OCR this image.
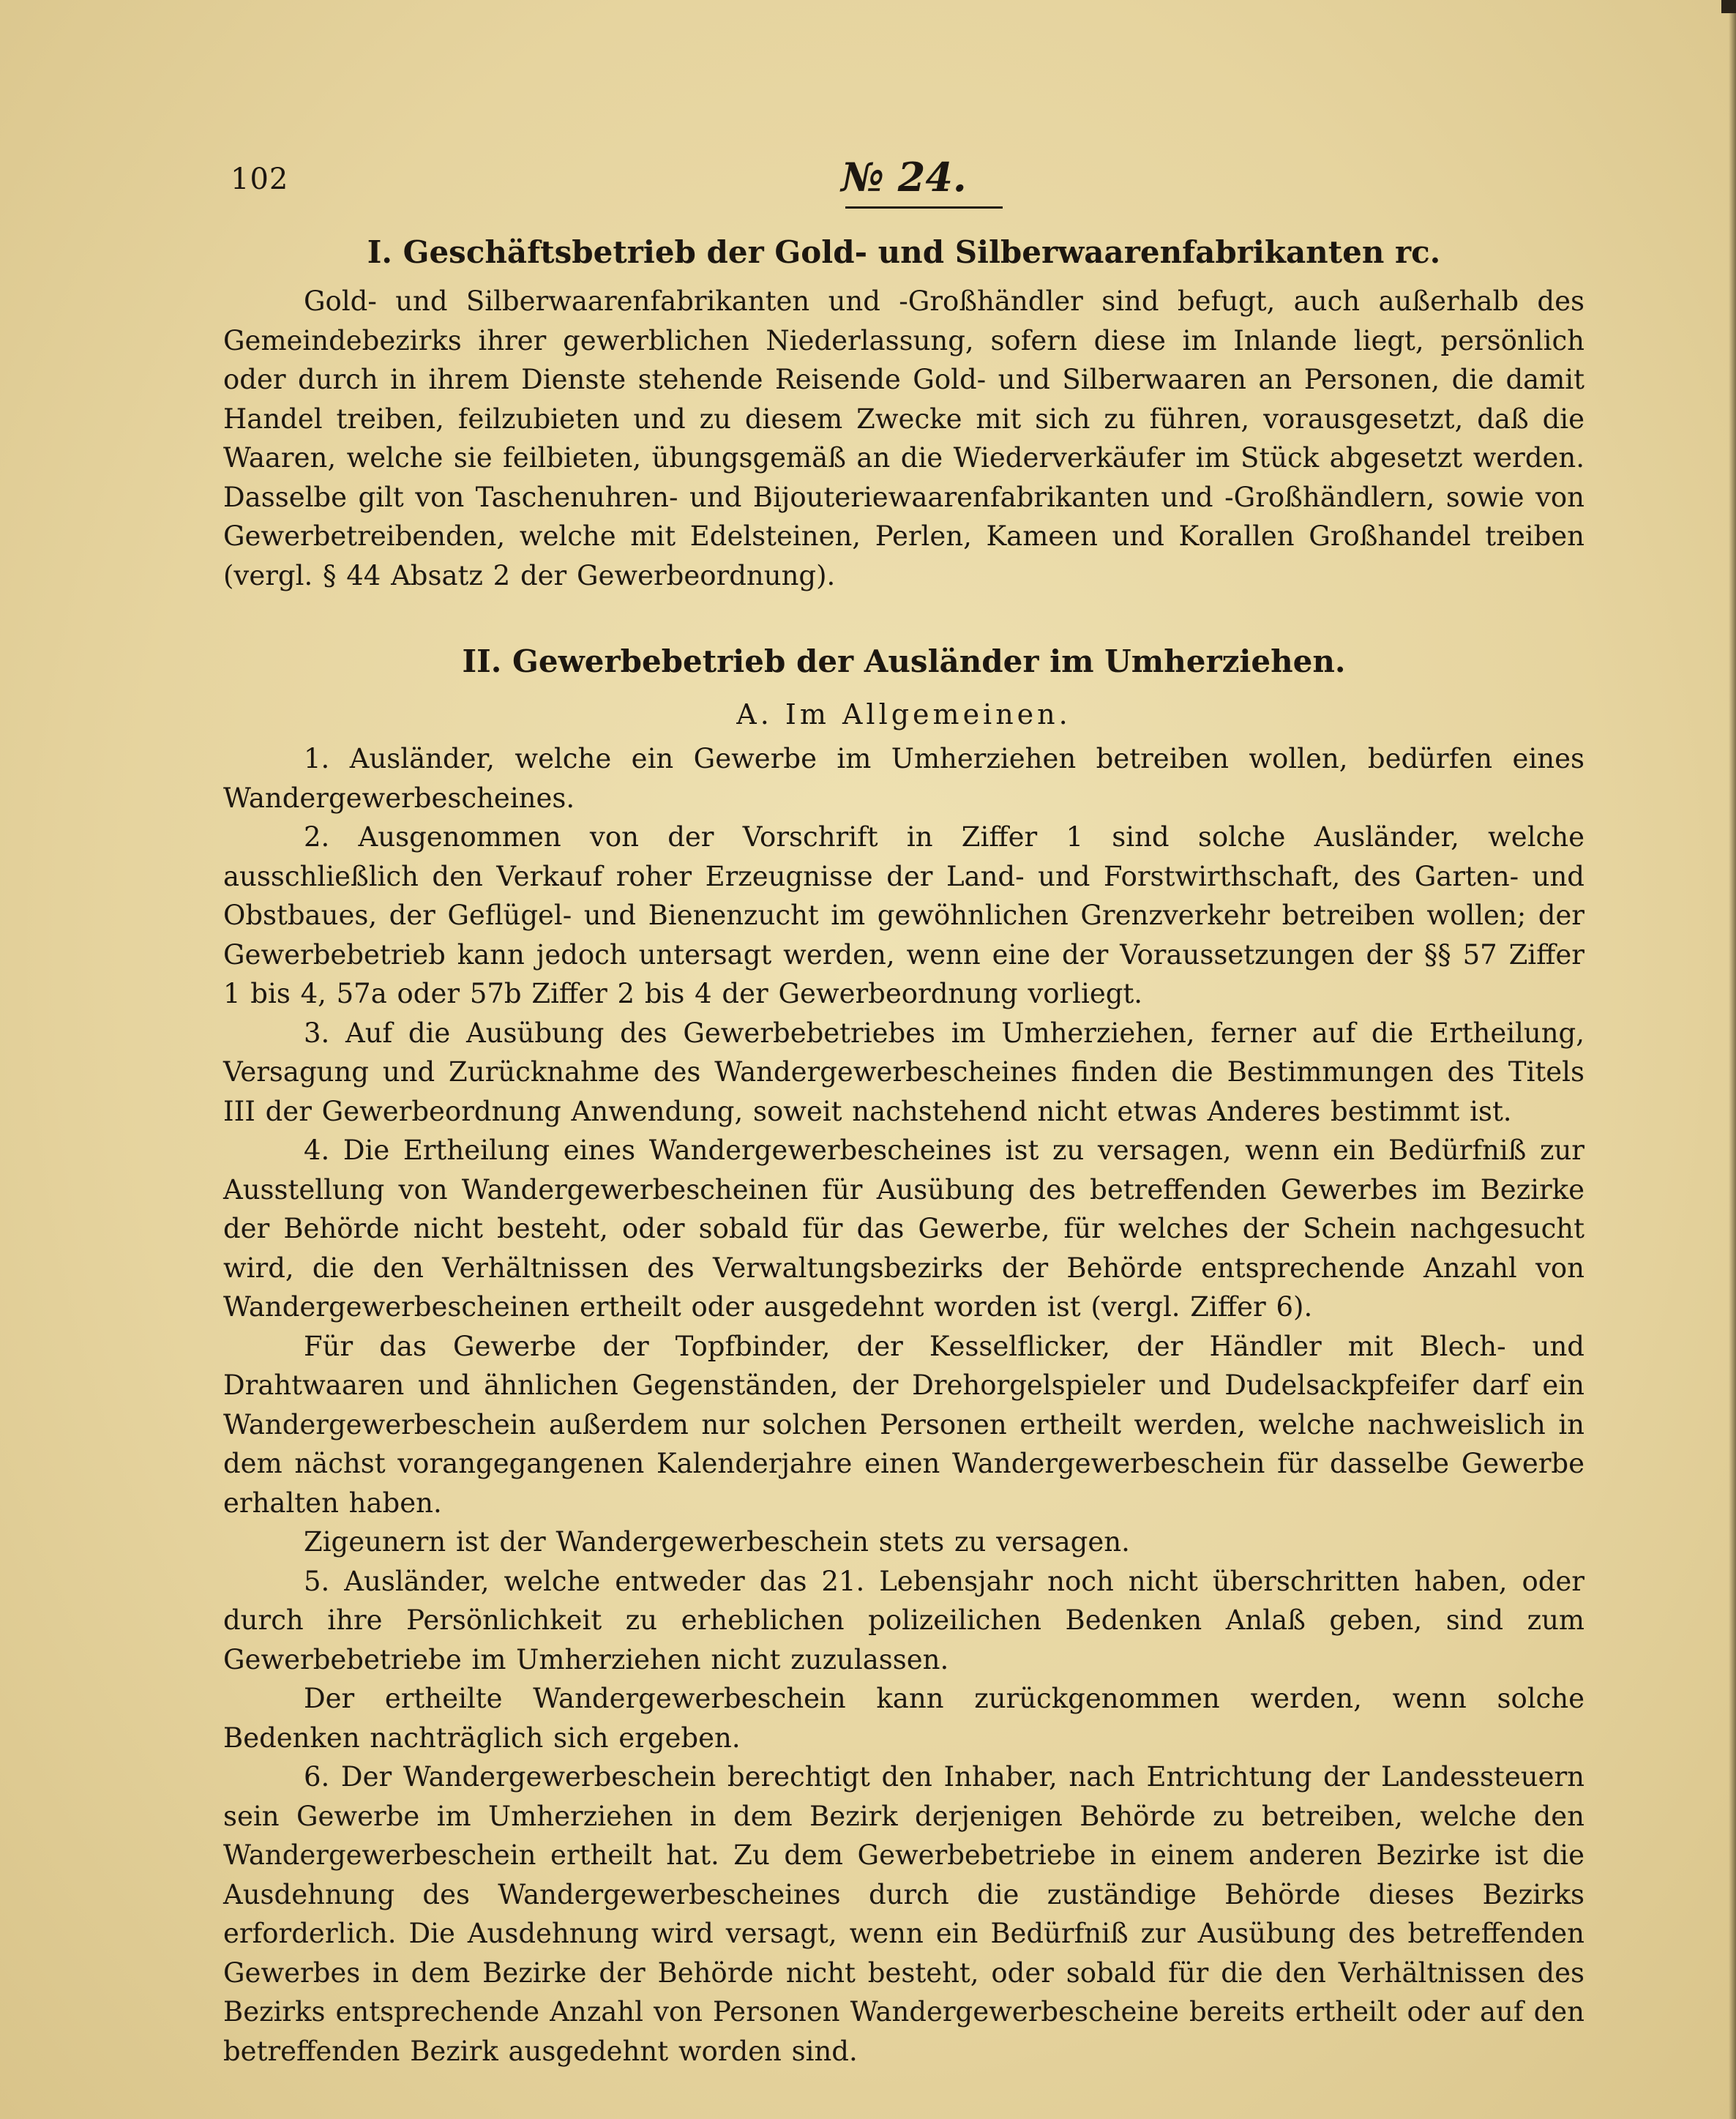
102	№ 24.
I. Geschäftsbetrieb der Gold- und Silberwaarenfabrikanten rc.

Gold- und Silberwaarenfabrikanten und -Großhändler sind befugt, auch außerhalb des Gemeindebezirks ihrer gewerblichen Niederlassung, sofern diese im Inlande liegt, persönlich oder durch in ihrem Dienste stehende Reisende Gold- und Silberwaaren an Personen, die damit Handel treiben, feilzubieten und zu diesem Zwecke mit sich zu führen, vorausgesetzt, daß die Waaren, welche sie feilbieten, übungsgemäß an die Wiederverkäufer im Stück abgesetzt werden. Dasselbe gilt von Taschenuhren- und Bijouteriewaarenfabrikanten und -Großhändlern, sowie von Gewerbetreibenden, welche mit Edelsteinen, Perlen, Kameen und Korallen Großhandel treiben (vergl. § 44 Absatz 2 der Gewerbeordnung).

II. Gewerbebetrieb der Ausländer im Umherziehen.
A. Im Allgemeinen.

1. Ausländer, welche ein Gewerbe im Umherziehen betreiben wollen, bedürfen eines Wandergewerbescheines.

2. Ausgenommen von der Vorschrift in Ziffer 1 sind solche Ausländer, welche ausschließlich den Verkauf roher Erzeugnisse der Land- und Forstwirthschaft, des Garten- und Obstbaues, der Geflügel- und Bienenzucht im gewöhnlichen Grenzverkehr betreiben wollen; der Gewerbebetrieb kann jedoch untersagt werden, wenn eine der Voraussetzungen der §§ 57 Ziffer 1 bis 4, 57a oder 57b Ziffer 2 bis 4 der Gewerbeordnung vorliegt.

3. Auf die Ausübung des Gewerbebetriebes im Umherziehen, ferner auf die Ertheilung, Versagung und Zurücknahme des Wandergewerbescheines finden die Bestimmungen des Titels III der Gewerbeordnung Anwendung, soweit nachstehend nicht etwas Anderes bestimmt ist.

4. Die Ertheilung eines Wandergewerbescheines ist zu versagen, wenn ein Bedürfniß zur Ausstellung von Wandergewerbescheinen für Ausübung des betreffenden Gewerbes im Bezirke der Behörde nicht besteht, oder sobald für das Gewerbe, für welches der Schein nachgesucht wird, die den Verhältnissen des Verwaltungsbezirks der Behörde entsprechende Anzahl von Wandergewerbescheinen ertheilt oder ausgedehnt worden ist (vergl. Ziffer 6).

Für das Gewerbe der Topfbinder, der Kesselflicker, der Händler mit Blech- und Drahtwaaren und ähnlichen Gegenständen, der Drehorgelspieler und Dudelsackpfeifer darf ein Wandergewerbeschein außerdem nur solchen Personen ertheilt werden, welche nachweislich in dem nächst vorangegangenen Kalenderjahre einen Wandergewerbeschein für dasselbe Gewerbe erhalten haben.

Zigeunern ist der Wandergewerbeschein stets zu versagen.

5. Ausländer, welche entweder das 21. Lebensjahr noch nicht überschritten haben, oder durch ihre Persönlichkeit zu erheblichen polizeilichen Bedenken Anlaß geben, sind zum Gewerbebetriebe im Umherziehen nicht zuzulassen.

Der ertheilte Wandergewerbeschein kann zurückgenommen werden, wenn solche Bedenken nachträglich sich ergeben.

6. Der Wandergewerbeschein berechtigt den Inhaber, nach Entrichtung der Landessteuern sein Gewerbe im Umherziehen in dem Bezirk derjenigen Behörde zu betreiben, welche den Wandergewerbeschein ertheilt hat. Zu dem Gewerbebetriebe in einem anderen Bezirke ist die Ausdehnung des Wandergewerbescheines durch die zuständige Behörde dieses Bezirks erforderlich. Die Ausdehnung wird versagt, wenn ein Bedürfniß zur Ausübung des betreffenden Gewerbes in dem Bezirke der Behörde nicht besteht, oder sobald für die den Verhältnissen des Bezirks entsprechende Anzahl von Personen Wandergewerbescheine bereits ertheilt oder auf den betreffenden Bezirk ausgedehnt worden sind.
